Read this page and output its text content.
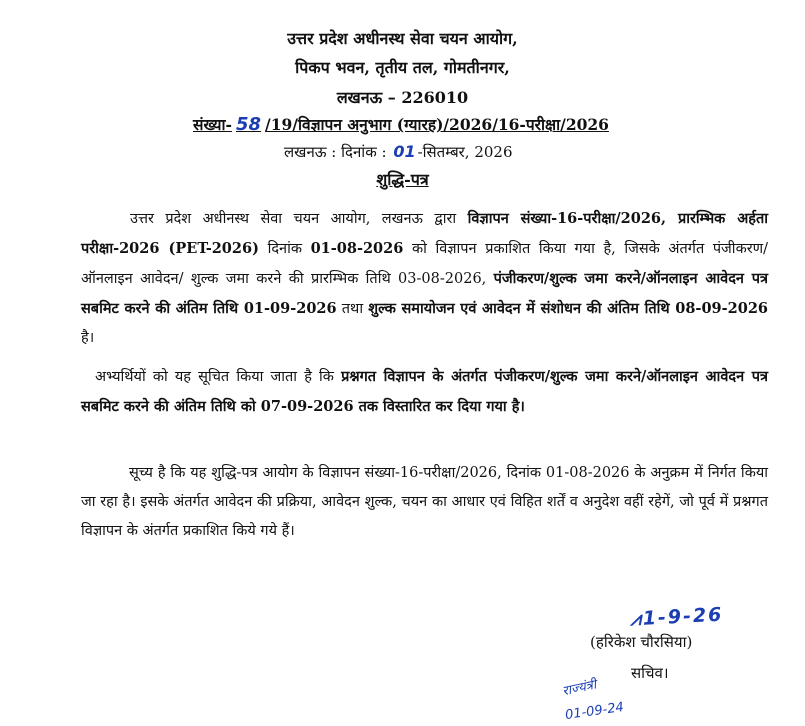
उत्तर प्रदेश अधीनस्थ सेवा चयन आयोग,
पिकप भवन, तृतीय तल, गोमतीनगर,
लखनऊ – 226010
संख्या- 58 /19/विज्ञापन अनुभाग (ग्यारह)/2026/16-परीक्षा/2026
लखनऊ : दिनांक : 01 -सितम्बर, 2026
शुद्धि-पत्र
उत्तर प्रदेश अधीनस्थ सेवा चयन आयोग, लखनऊ द्वारा विज्ञापन संख्या-16-परीक्षा/2026, प्रारम्भिक अर्हता परीक्षा-2026 (PET-2026) दिनांक 01-08-2026 को विज्ञापन प्रकाशित किया गया है, जिसके अंतर्गत पंजीकरण/ऑनलाइन आवेदन/ शुल्क जमा करने की प्रारम्भिक तिथि 03-08-2026, पंजीकरण/शुल्क जमा करने/ऑनलाइन आवेदन पत्र सबमिट करने की अंतिम तिथि 01-09-2026 तथा शुल्क समायोजन एवं आवेदन में संशोधन की अंतिम तिथि 08-09-2026 है।
अभ्यर्थियों को यह सूचित किया जाता है कि प्रश्नगत विज्ञापन के अंतर्गत पंजीकरण/शुल्क जमा करने/ऑनलाइन आवेदन पत्र सबमिट करने की अंतिम तिथि को 07-09-2026 तक विस्तारित कर दिया गया है।
सूच्य है कि यह शुद्धि-पत्र आयोग के विज्ञापन संख्या-16-परीक्षा/2026, दिनांक 01-08-2026 के अनुक्रम में निर्गत किया जा रहा है। इसके अंतर्गत आवेदन की प्रक्रिया, आवेदन शुल्क, चयन का आधार एवं विहित शर्तें व अनुदेश वहीं रहेगें, जो पूर्व में प्रश्नगत विज्ञापन के अंतर्गत प्रकाशित किये गये हैं।
⩘1-9-26
(हरिकेश चौरसिया)
सचिव।
राज्यंत्री
01-09-24
